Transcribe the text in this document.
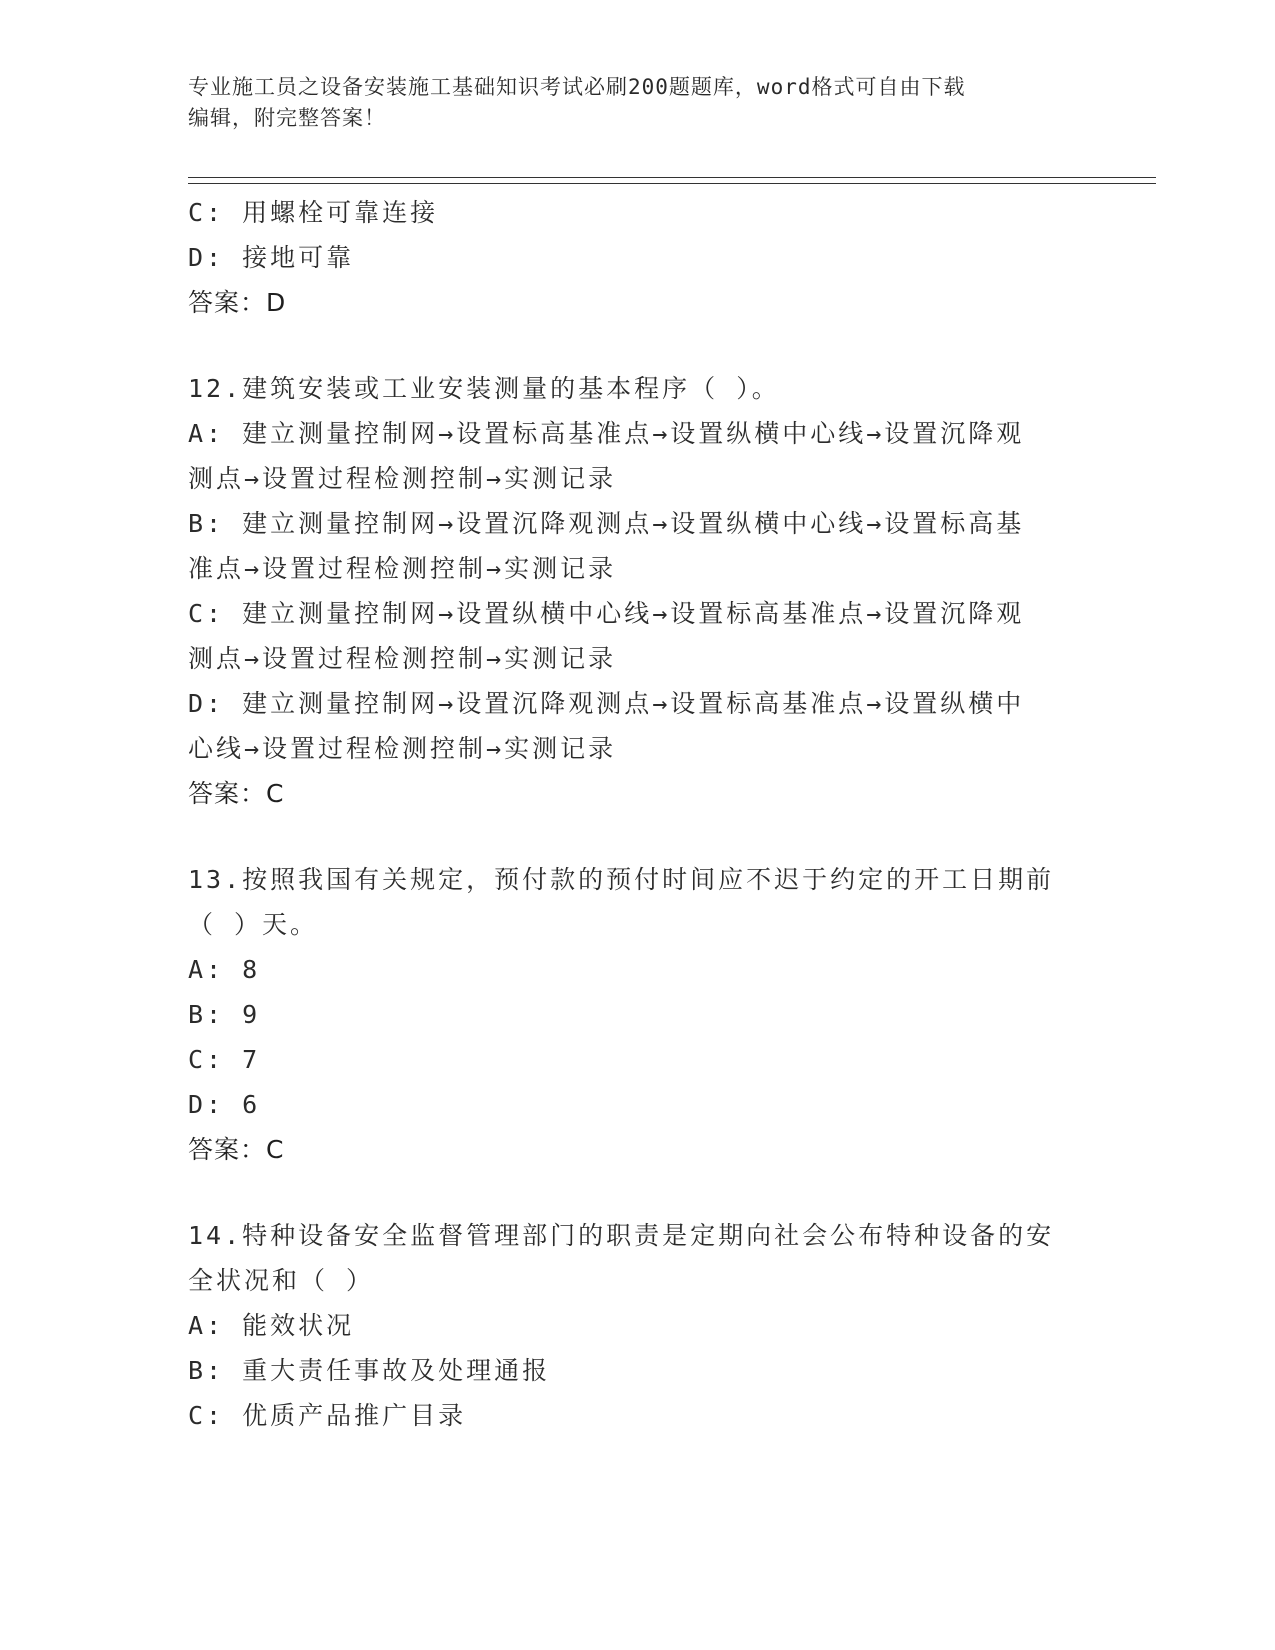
专业施工员之设备安装施工基础知识考试必刷200题题库，word格式可自由下载
编辑，附完整答案！
C: 用螺栓可靠连接
D: 接地可靠
答案：D
12.建筑安装或工业安装测量的基本程序（ ）。
A: 建立测量控制网→设置标高基准点→设置纵横中心线→设置沉降观
测点→设置过程检测控制→实测记录
B: 建立测量控制网→设置沉降观测点→设置纵横中心线→设置标高基
准点→设置过程检测控制→实测记录
C: 建立测量控制网→设置纵横中心线→设置标高基准点→设置沉降观
测点→设置过程检测控制→实测记录
D: 建立测量控制网→设置沉降观测点→设置标高基准点→设置纵横中
心线→设置过程检测控制→实测记录
答案：C
13.按照我国有关规定，预付款的预付时间应不迟于约定的开工日期前
（ ）天。
A: 8
B: 9
C: 7
D: 6
答案：C
14.特种设备安全监督管理部门的职责是定期向社会公布特种设备的安
全状况和（ ）
A: 能效状况
B: 重大责任事故及处理通报
C: 优质产品推广目录
